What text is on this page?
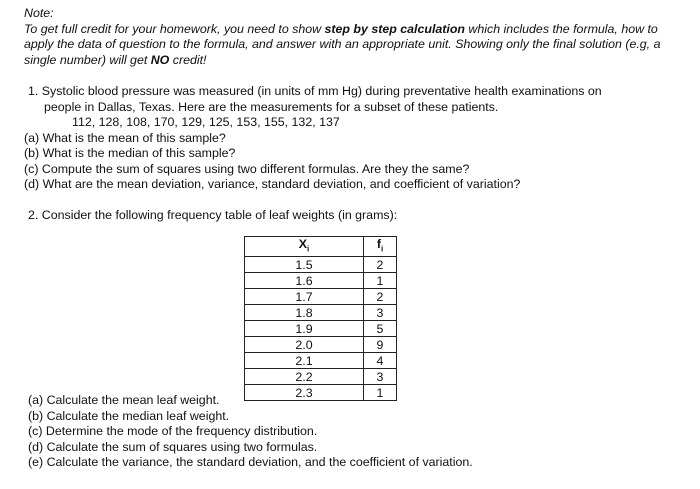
Note:

To get full credit for your homework, you need to show step by step calculation which includes the formula, how to apply the data of question to the formula, and answer with an appropriate unit. Showing only the final solution (e.g, a single number) will get NO credit!

1. Systolic blood pressure was measured (in units of mm Hg) during preventative health examinations on

people in Dallas, Texas. Here are the measurements for a subset of these patients.

112, 128, 108, 170, 129, 125, 153, 155, 132, 137

(a) What is the mean of this sample?

(b) What is the median of this sample?

(c) Compute the sum of squares using two different formulas. Are they the same?

(d) What are the mean deviation, variance, standard deviation, and coefficient of variation?

2. Consider the following frequency table of leaf weights (in grams):
$X_i$	$f_i$
1.5	2
1.6	1
1.7	2
1.8	3
1.9	5
2.0	9
2.1	4
2.2	3
2.3	1

(a) Calculate the mean leaf weight.

(b) Calculate the median leaf weight.

(c) Determine the mode of the frequency distribution.

(d) Calculate the sum of squares using two formulas.

(e) Calculate the variance, the standard deviation, and the coefficient of variation.
